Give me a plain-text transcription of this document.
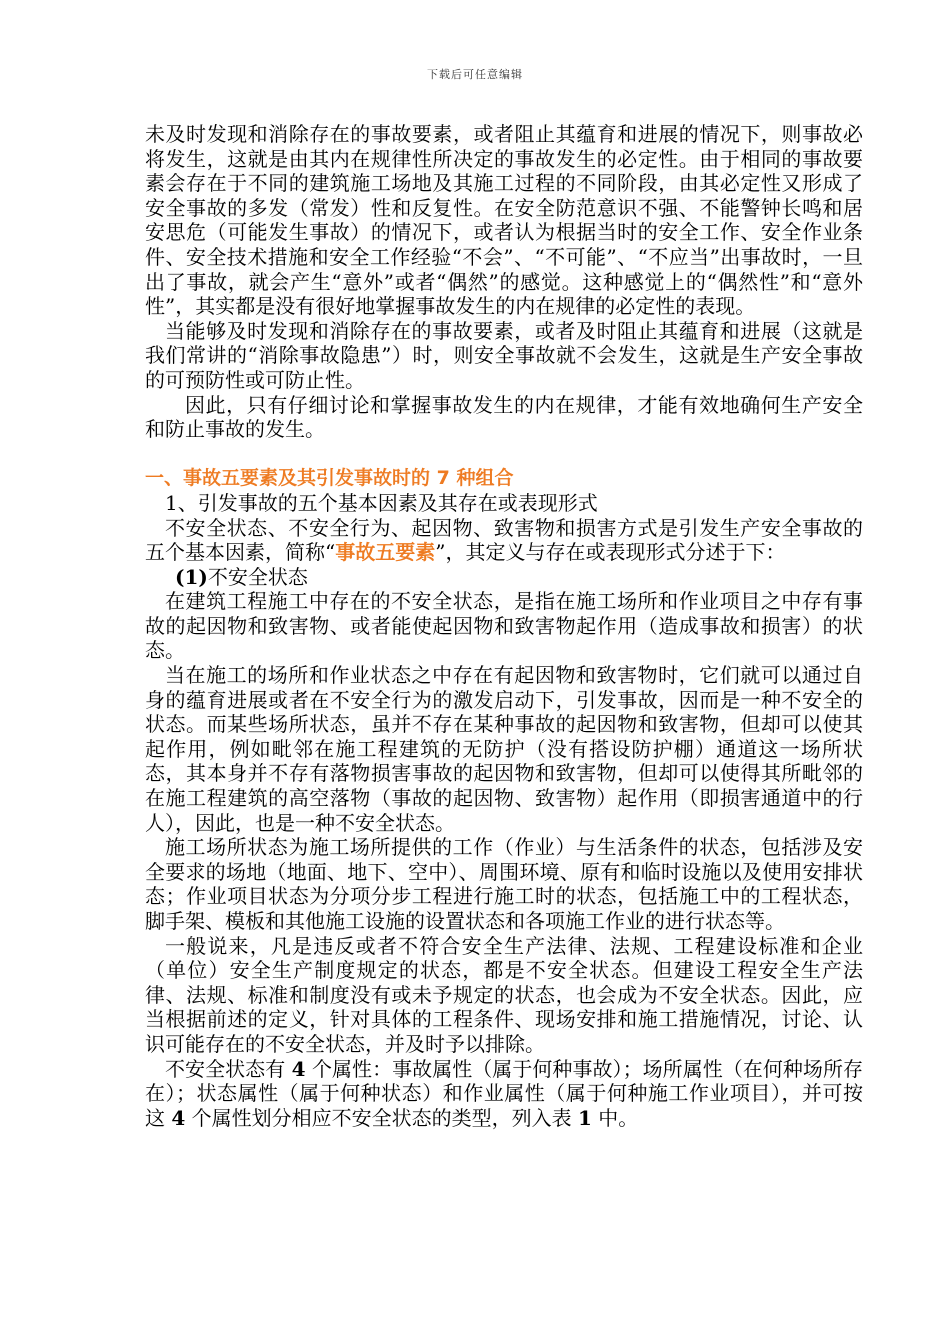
下载后可任意编辑

未及时发现和消除存在的事故要素，或者阻止其蕴育和进展的情况下，则事故必将发生，这就是由其内在规律性所决定的事故发生的必定性。由于相同的事故要素会存在于不同的建筑施工场地及其施工过程的不同阶段，由其必定性又形成了安全事故的多发（常发）性和反复性。在安全防范意识不强、不能警钟长鸣和居安思危（可能发生事故）的情况下，或者认为根据当时的安全工作、安全作业条件、安全技术措施和安全工作经验“不会”、“不可能”、“不应当”出事故时，一旦出了事故，就会产生“意外”或者“偶然”的感觉。这种感觉上的“偶然性”和“意外性”，其实都是没有很好地掌握事故发生的内在规律的必定性的表现。

当能够及时发现和消除存在的事故要素，或者及时阻止其蕴育和进展（这就是我们常讲的“消除事故隐患”）时，则安全事故就不会发生，这就是生产安全事故的可预防性或可防止性。

因此，只有仔细讨论和掌握事故发生的内在规律，才能有效地确何生产安全和防止事故的发生。

一、事故五要素及其引发事故时的 7 种组合

1、引发事故的五个基本因素及其存在或表现形式

不安全状态、不安全行为、起因物、致害物和损害方式是引发生产安全事故的五个基本因素，简称“事故五要素”，其定义与存在或表现形式分述于下：

(1)不安全状态

在建筑工程施工中存在的不安全状态，是指在施工场所和作业项目之中存有事故的起因物和致害物、或者能使起因物和致害物起作用（造成事故和损害）的状态。

当在施工的场所和作业状态之中存在有起因物和致害物时，它们就可以通过自身的蕴育进展或者在不安全行为的激发启动下，引发事故，因而是一种不安全的状态。而某些场所状态，虽并不存在某种事故的起因物和致害物，但却可以使其起作用，例如毗邻在施工程建筑的无防护（没有搭设防护棚）通道这一场所状态，其本身并不存有落物损害事故的起因物和致害物，但却可以使得其所毗邻的在施工程建筑的高空落物（事故的起因物、致害物）起作用（即损害通道中的行人），因此，也是一种不安全状态。

施工场所状态为施工场所提供的工作（作业）与生活条件的状态，包括涉及安全要求的场地（地面、地下、空中）、周围环境、原有和临时设施以及使用安排状态；作业项目状态为分项分步工程进行施工时的状态，包括施工中的工程状态，脚手架、模板和其他施工设施的设置状态和各项施工作业的进行状态等。

一般说来，凡是违反或者不符合安全生产法律、法规、工程建设标准和企业（单位）安全生产制度规定的状态，都是不安全状态。但建设工程安全生产法律、法规、标准和制度没有或未予规定的状态，也会成为不安全状态。因此，应当根据前述的定义，针对具体的工程条件、现场安排和施工措施情况，讨论、认识可能存在的不安全状态，并及时予以排除。

不安全状态有 4 个属性：事故属性（属于何种事故）；场所属性（在何种场所存在）；状态属性（属于何种状态）和作业属性（属于何种施工作业项目），并可按这 4 个属性划分相应不安全状态的类型，列入表 1 中。
